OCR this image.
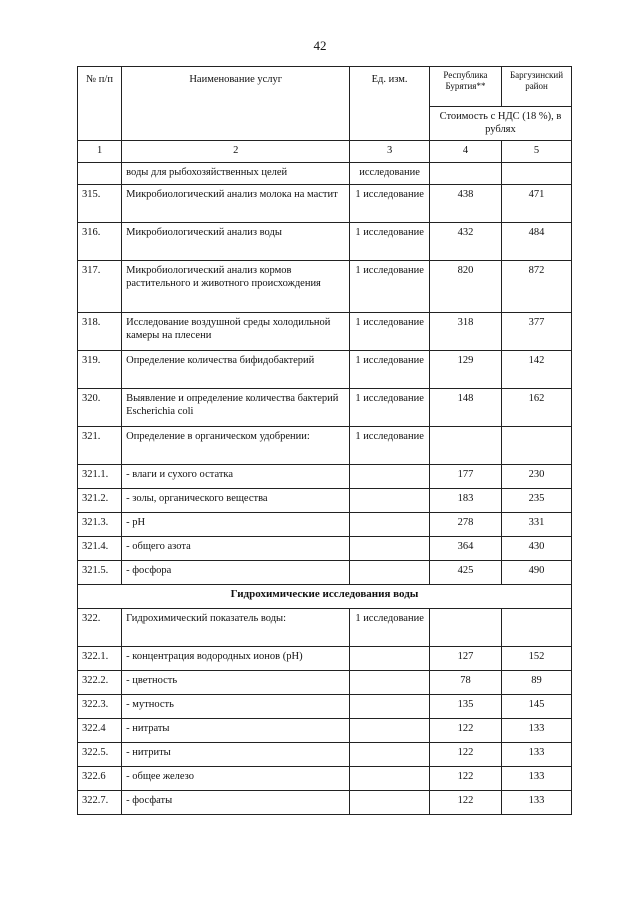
42
№ п/п	Наименование услуг	Ед. изм.	Республика Бурятия**	Баргузинский район
			Стоимость с НДС (18 %), в рублях	
1	2	3	4	5
	воды для рыбохозяйственных целей	исследование		
315.	Микробиологический анализ молока на мастит	1 исследование	438	471
316.	Микробиологический анализ воды	1 исследование	432	484
317.	Микробиологический анализ кормов растительного и животного происхождения	1 исследование	820	872
318.	Исследование воздушной среды холодильной камеры на плесени	1 исследование	318	377
319.	Определение количества бифидобактерий	1 исследование	129	142
320.	Выявление и определение количества бактерий Escherichia coli	1 исследование	148	162
321.	Определение в органическом удобрении:	1 исследование		
321.1.	- влаги и сухого остатка		177	230
321.2.	- золы, органического вещества		183	235
321.3.	- pH		278	331
321.4.	- общего азота		364	430
321.5.	- фосфора		425	490
Гидрохимические исследования воды				
322.	Гидрохимический показатель воды:	1 исследование		
322.1.	- концентрация водородных ионов (pH)		127	152
322.2.	- цветность		78	89
322.3.	- мутность		135	145
322.4	- нитраты		122	133
322.5.	- нитриты		122	133
322.6	- общее железо		122	133
322.7.	- фосфаты		122	133
